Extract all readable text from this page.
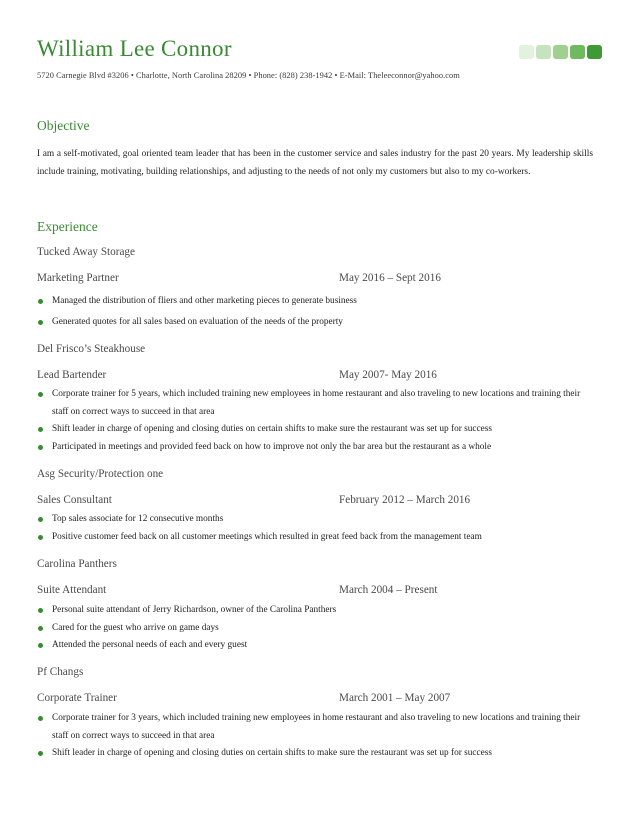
William Lee Connor
5720 Carnegie Blvd #3206 • Charlotte, North Carolina 28209 • Phone: (828) 238-1942 • E-Mail: Theleeconnor@yahoo.com
Objective
I am a self-motivated, goal oriented team leader that has been in the customer service and sales industry for the past 20 years. My leadership skills include training, motivating, building relationships, and adjusting to the needs of not only my customers but also to my co-workers.
Experience
Tucked Away Storage
Marketing Partner	May 2016 – Sept 2016
Managed the distribution of fliers and other marketing pieces to generate business
Generated quotes for all sales based on evaluation of the needs of the property
Del Frisco’s Steakhouse
Lead Bartender	May 2007- May 2016
Corporate trainer for 5 years, which included training new employees in home restaurant and also traveling to new locations and training their staff on correct ways to succeed in that area
Shift leader in charge of opening and closing duties on certain shifts to make sure the restaurant was set up for success
Participated in meetings and provided feed back on how to improve not only the bar area but the restaurant as a whole
Asg Security/Protection one
Sales Consultant	February 2012 – March 2016
Top sales associate for 12 consecutive months
Positive customer feed back on all customer meetings which resulted in great feed back from the management team
Carolina Panthers
Suite Attendant	March 2004 – Present
Personal suite attendant of Jerry Richardson, owner of the Carolina Panthers
Cared for the guest who arrive on game days
Attended the personal needs of each and every guest
Pf Changs
Corporate Trainer	March 2001 – May 2007
Corporate trainer for 3 years, which included training new employees in home restaurant and also traveling to new locations and training their staff on correct ways to succeed in that area
Shift leader in charge of opening and closing duties on certain shifts to make sure the restaurant was set up for success
